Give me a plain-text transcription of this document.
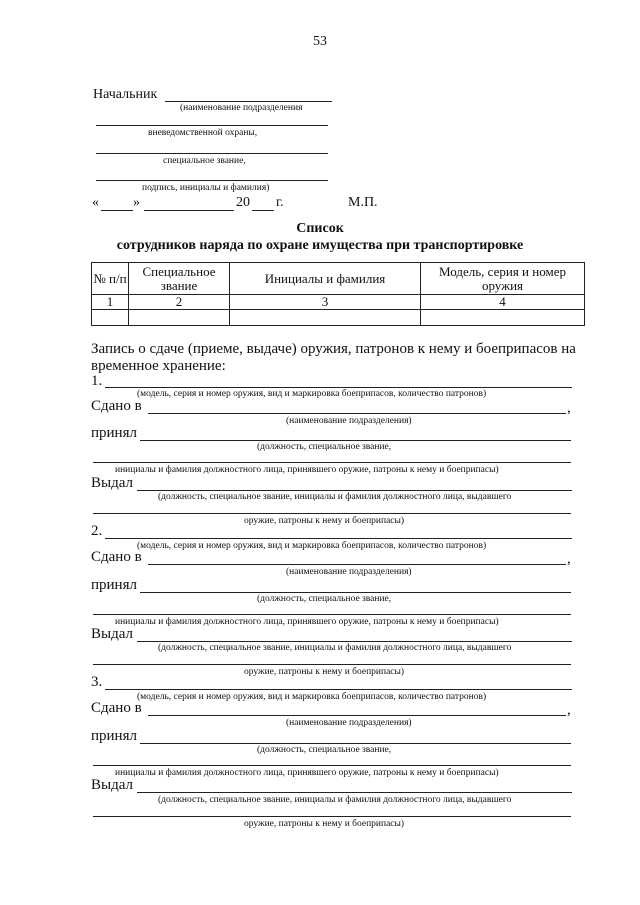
53
Начальник
(наименование подразделения
вневедомственной охраны,
специальное звание,
подпись, инициалы и фамилия)
« »	20 г.	М.П.
Список
сотрудников наряда по охране имущества при транспортировке
№ п/п	Специальное звание	Инициалы и фамилия	Модель, серия и номер оружия
1	2	3	4

Запись о сдаче (приеме, выдаче) оружия, патронов к нему и боеприпасов на временное хранение:
1.
(модель, серия и номер оружия, вид и маркировка боеприпасов, количество патронов)
Сдано в	,
(наименование подразделения)
принял
(должность, специальное звание,
инициалы и фамилия должностного лица, принявшего оружие, патроны к нему и боеприпасы)
Выдал
(должность, специальное звание, инициалы и фамилия должностного лица, выдавшего
оружие, патроны к нему и боеприпасы)
2.
(модель, серия и номер оружия, вид и маркировка боеприпасов, количество патронов)
Сдано в	,
(наименование подразделения)
принял
(должность, специальное звание,
инициалы и фамилия должностного лица, принявшего оружие, патроны к нему и боеприпасы)
Выдал
(должность, специальное звание, инициалы и фамилия должностного лица, выдавшего
оружие, патроны к нему и боеприпасы)
3.
(модель, серия и номер оружия, вид и маркировка боеприпасов, количество патронов)
Сдано в	,
(наименование подразделения)
принял
(должность, специальное звание,
инициалы и фамилия должностного лица, принявшего оружие, патроны к нему и боеприпасы)
Выдал
(должность, специальное звание, инициалы и фамилия должностного лица, выдавшего
оружие, патроны к нему и боеприпасы)
